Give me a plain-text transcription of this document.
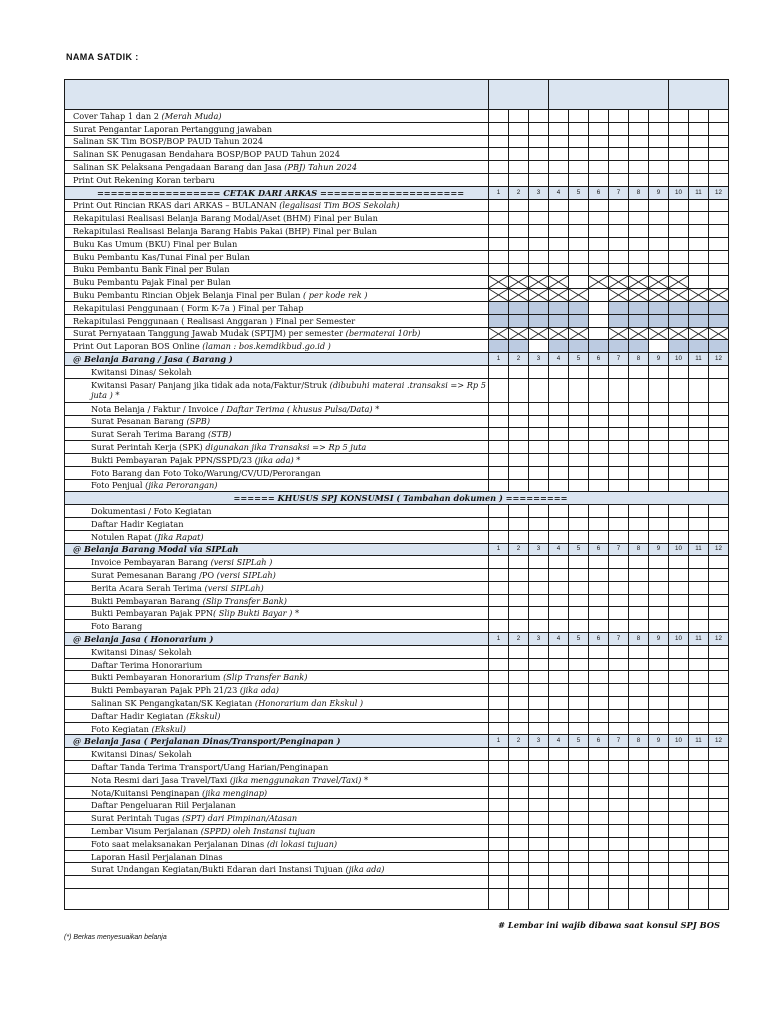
NAMA SATDIK :

Cover Tahap 1 dan 2 (Merah Muda)												
Surat Pengantar Laporan Pertanggung jawaban												
Salinan SK Tim BOSP/BOP PAUD Tahun 2024												
Salinan SK Penugasan Bendahara BOSP/BOP PAUD Tahun 2024												
Salinan SK Pelaksana Pengadaan Barang dan Jasa (PBJ) Tahun 2024												
Print Out Rekening Koran terbaru												
================== CETAK DARI ARKAS =====================	1	2	3	4	5	6	7	8	9	10	11	12
Print Out Rincian RKAS dari ARKAS – BULANAN (legalisasi Tim BOS Sekolah)												
Rekapitulasi Realisasi Belanja Barang Modal/Aset (BHM) Final per Bulan												
Rekapitulasi Realisasi Belanja Barang Habis Pakai (BHP) Final per Bulan												
Buku Kas Umum (BKU) Final per Bulan												
Buku Pembantu Kas/Tunai Final per Bulan												
Buku Pembantu Bank Final per Bulan												
Buku Pembantu Pajak Final per Bulan	

Buku Pembantu Rincian Objek Belanja Final per Bulan ( per kode rek )	

Rekapitulasi Penggunaan ( Form K-7a ) Final per Tahap												
Rekapitulasi Penggunaan ( Realisasi Anggaran ) Final per Semester												
Surat Pernyataan Tanggung Jawab Mudak (SPTJM) per semester (bermaterai 10rb)	

Print Out Laporan BOS Online (laman : bos.kemdikbud.go.id )												
@ Belanja Barang / Jasa ( Barang )	1	2	3	4	5	6	7	8	9	10	11	12
Kwitansi Dinas/ Sekolah												
Kwitansi Pasar/ Panjang jika tidak ada nota/Faktur/Struk (dibubuhi materai .transaksi => Rp 5 juta ) *												
Nota Belanja / Faktur / Invoice / Daftar Terima ( khusus Pulsa/Data) *												
Surat Pesanan Barang (SPB)												
Surat Serah Terima Barang (STB)												
Surat Perintah Kerja (SPK) digunakan jika Transaksi => Rp 5 juta												
Bukti Pembayaran Pajak PPN/SSPD/23 (jika ada) *												
Foto Barang dan Foto Toko/Warung/CV/UD/Perorangan												
Foto Penjual (jika Perorangan)												
====== KHUSUS SPJ KONSUMSI ( Tambahan dokumen ) =========												
Dokumentasi / Foto Kegiatan												
Daftar Hadir Kegiatan												
Notulen Rapat (Jika Rapat)												
@ Belanja Barang Modal via SIPLah	1	2	3	4	5	6	7	8	9	10	11	12
Invoice Pembayaran Barang (versi SIPLah )												
Surat Pemesanan Barang /PO (versi SIPLah)												
Berita Acara Serah Terima (versi SIPLah)												
Bukti Pembayaran Barang (Slip Transfer Bank)												
Bukti Pembayaran Pajak PPN( Slip Bukti Bayar ) *												
Foto Barang												
@ Belanja Jasa ( Honorarium )	1	2	3	4	5	6	7	8	9	10	11	12
Kwitansi Dinas/ Sekolah												
Daftar Terima Honorarium												
Bukti Pembayaran Honorarium (Slip Transfer Bank)												
Bukti Pembayaran Pajak PPh 21/23 (jika ada)												
Salinan SK Pengangkatan/SK Kegiatan (Honorarium dan Ekskul )												
Daftar Hadir Kegiatan (Ekskul)												
Foto Kegiatan (Ekskul)												
@ Belanja Jasa ( Perjalanan Dinas/Transport/Penginapan )	1	2	3	4	5	6	7	8	9	10	11	12
Kwitansi Dinas/ Sekolah												
Daftar Tanda Terima Transport/Uang Harian/Penginapan												
Nota Resmi dari Jasa Travel/Taxi (jika menggunakan Travel/Taxi) *												
Nota/Kuitansi Penginapan (jika menginap)												
Daftar Pengeluaran Riil Perjalanan												
Surat Perintah Tugas (SPT) dari Pimpinan/Atasan												
Lembar Visum Perjalanan (SPPD) oleh Instansi tujuan												
Foto saat melaksanakan Perjalanan Dinas (di lokasi tujuan)												
Laporan Hasil Perjalanan Dinas												
Surat Undangan Kegiatan/Bukti Edaran dari Instansi Tujuan (jika ada)												

# Lembar ini wajib dibawa saat konsul SPJ BOS
(*) Berkas menyesuaikan belanja
